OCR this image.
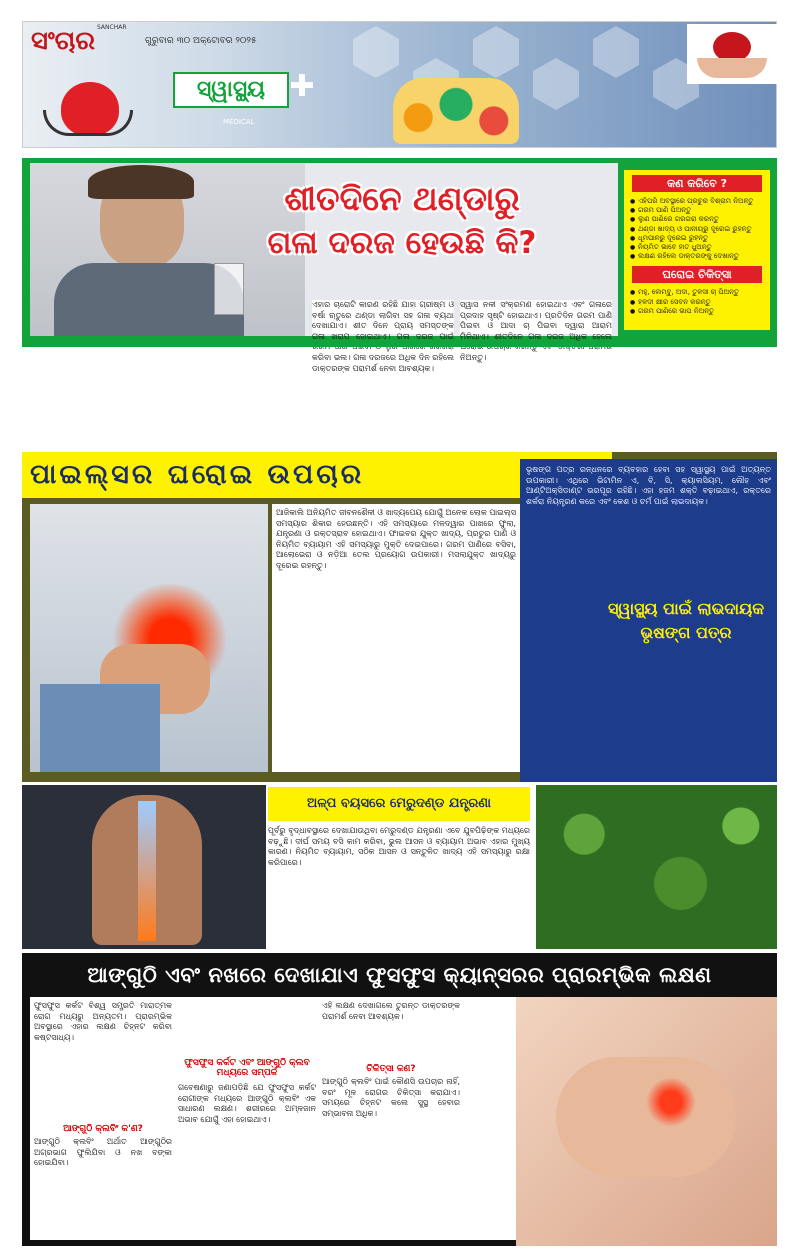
ସଂଚାର SANCHAR
ଗୁରୁବାର ୩୦ ଅକ୍ଟୋବର ୨୦୨୫
ସ୍ୱାସ୍ଥ୍ୟ ✚
MEDICAL
ଶୀତଦିନେ ଥଣ୍ଡାରୁ
ଗଳା ଦରଜ ହେଉଛି କି?
ଏହାର ଚାରୋଟି କାରଣ ରହିଛି ଯାହା ଗ୍ରୀଷ୍ମ ଓ ବର୍ଷା ଋତୁରେ ଥଣ୍ଡା ଲାଗିବା ସହ ଗଳା ବ୍ୟଥା ଦେଖାଯାଏ। ଶୀତ ଦିନେ ପ୍ରାୟ ସମସ୍ତଙ୍କ ଗଳା ଖରାପ ହୋଇଥାଏ। ଗଳା ଦରଜ ପାଇଁ କରିବା ଭଲ। ଗଳା ଦରଜରେ ଅଧିକ ଦିନ ରହିଲେ ଡାକ୍ତରଙ୍କ ପରାମର୍ଶ ନେବା ଆବଶ୍ୟକ।
ସ୍ୱାସ ନଳୀ ସଂକ୍ରମଣ ହୋଇଥାଏ ଏବଂ ଗଳାରେ ପ୍ରଦାହ ସୃଷ୍ଟି ହୋଇଥାଏ। ପ୍ରତିଦିନ ଗରମ ପାଣି ପିଇବା ଓ ଆଦା ଚା ପିଇବା ଦ୍ୱାରା ଆରାମ ମିଳିଥାଏ। ଶୀତଦିନେ ଗଳା ଦରଜ ଅଧିକ ହେଲେ ନିଅନ୍ତୁ।
କଣ କରିବେ ?
● ଏହିପରି ଅବସ୍ଥାରେ ପ୍ରଚୁର ବିଶ୍ରାମ ନିଅନ୍ତୁ
● ଗରମ ପାଣି ପିଅନ୍ତୁ
● ଲୁଣ ପାଣିରେ ଗରଗରା କରନ୍ତୁ
● ଥଣ୍ଡା ଖାଦ୍ୟ ଓ ପାନୀୟରୁ ଦୂରେଇ ରୁହନ୍ତୁ
● ଧୂମପାନରୁ ଦୂରେଇ ରୁହନ୍ତୁ
● ନିୟମିତ ଭାବେ ହାତ ଧୁଅନ୍ତୁ
● ଲକ୍ଷଣ ରହିଲେ ଡାକ୍ତରଙ୍କୁ ଦେଖାନ୍ତୁ
ଘରୋଇ ଚିକିତ୍ସା
● ମହୁ, ଲେମ୍ବୁ, ଅଦା, ତୁଳସୀ ଚା ପିଅନ୍ତୁ
● ହଳଦୀ କ୍ଷୀର ସେବନ କରନ୍ତୁ
● ଗରମ ପାଣିରେ ଭାପ ନିଅନ୍ତୁ
ପାଇଲ୍ସର ଘରୋଇ ଉପଚାର
ଆଜିକାଲି ଅନିୟମିତ ଜୀବନଶୈଳୀ ଓ ଖାଦ୍ୟପେୟ ଯୋଗୁଁ ଅନେକ ଲୋକ ପାଇଲ୍ସ ସମସ୍ୟାର ଶିକାର ହେଉଛନ୍ତି। ଏହି ସମସ୍ୟାରେ ମଳଦ୍ୱାର ପାଖରେ ଫୁଲା, ଯନ୍ତ୍ରଣା ଓ ରକ୍ତସ୍ରାବ ହୋଇଥାଏ। ଫାଇବର ଯୁକ୍ତ ଖାଦ୍ୟ, ପ୍ରଚୁର ପାଣି ଓ ନିୟମିତ ବ୍ୟାୟାମ ଏହି ସମସ୍ୟାରୁ ମୁକ୍ତି ଦେଇପାରେ। ଗରମ ପାଣିରେ ବସିବା, ଆଲୋଭେରା ଓ ନଡ଼ିଆ ତେଲ ପ୍ରୟୋଗ ଉପକାରୀ। ମସଲାଯୁକ୍ତ ଖାଦ୍ୟରୁ ଦୂରେଇ ରହନ୍ତୁ।
ଭୃଷଙ୍ଗ ପତ୍ର ରନ୍ଧନରେ ବ୍ୟବହାର ହେବା ସହ ସ୍ୱାସ୍ଥ୍ୟ ପାଇଁ ଅତ୍ୟନ୍ତ ଉପକାରୀ। ଏଥିରେ ଭିଟାମିନ ଏ, ବି, ସି, କ୍ୟାଲସିୟମ, ଲୌହ ଏବଂ ଆଣ୍ଟିଅକ୍ସିଡାଣ୍ଟ ଭରପୂର ରହିଛି। ଏହା ହଜମ ଶକ୍ତି ବଢ଼ାଇଥାଏ, ରକ୍ତରେ ଶର୍କରା ନିୟନ୍ତ୍ରଣ କରେ ଏବଂ କେଶ ଓ ଚର୍ମ ପାଇଁ ଲାଭଦାୟକ।
ସ୍ୱାସ୍ଥ୍ୟ ପାଇଁ ଲାଭଦାୟକ ଭୃଷଙ୍ଗ ପତ୍ର
ଅଳ୍ପ ବୟସରେ ମେରୁଦଣ୍ଡ ଯନ୍ତ୍ରଣା
ପୂର୍ବରୁ ବୃଦ୍ଧାବସ୍ଥାରେ ଦେଖାଯାଉଥିବା ମେରୁଦଣ୍ଡ ଯନ୍ତ୍ରଣା ଏବେ ଯୁବପିଢ଼ିଙ୍କ ମଧ୍ୟରେ ବଢ଼ୁଛି। ଦୀର୍ଘ ସମୟ ବସି କାମ କରିବା, ଭୁଲ ଆସନ ଓ ବ୍ୟାୟାମ ଅଭାବ ଏହାର ମୁଖ୍ୟ କାରଣ। ନିୟମିତ ବ୍ୟାୟାମ, ସଠିକ ଆସନ ଓ ସନ୍ତୁଳିତ ଖାଦ୍ୟ ଏହି ସମସ୍ୟାରୁ ରକ୍ଷା କରିପାରେ।
ଆଙ୍ଗୁଠି ଏବଂ ନଖରେ ଦେଖାଯାଏ ଫୁସଫୁସ କ୍ୟାନ୍ସରର ପ୍ରାରମ୍ଭିକ ଲକ୍ଷଣ
ଫୁସଫୁସ କର୍କଟ ବିଶ୍ୱ ସମ୍ପ୍ରତି ମାରାତ୍ମକ ରୋଗ ମଧ୍ୟରୁ ଅନ୍ୟତମ। ପ୍ରାରମ୍ଭିକ ଅବସ୍ଥାରେ ଏହାର ଲକ୍ଷଣ ଚିହ୍ନଟ କରିବା କଷ୍ଟସାଧ୍ୟ।
ଆଙ୍ଗୁଠି କ୍ଲବିଂ କ'ଣ?
ଆଙ୍ଗୁଠି କ୍ଲବିଂ ଅର୍ଥାତ ଆଙ୍ଗୁଠିର ଅଗ୍ରଭାଗ ଫୁଲିଯିବା ଓ ନଖ ବଙ୍କା ହୋଇଯିବା।
ଫୁସଫୁସ କର୍କଟ ଏବଂ ଆଙ୍ଗୁଠି କ୍ଲବ ମଧ୍ୟରେ ସମ୍ପର୍କ
ଗବେଷଣାରୁ ଜଣାପଡ଼ିଛି ଯେ ଫୁସଫୁସ କର୍କଟ ରୋଗୀଙ୍କ ମଧ୍ୟରେ ଆଙ୍ଗୁଠି କ୍ଲବିଂ ଏକ ସାଧାରଣ ଲକ୍ଷଣ। ଶରୀରରେ ଅମ୍ଳଜାନ ଅଭାବ ଯୋଗୁଁ ଏହା ହୋଇଥାଏ।
ଏହି ଲକ୍ଷଣ ଦେଖାଗଲେ ତୁରନ୍ତ ଡାକ୍ତରଙ୍କ ପରାମର୍ଶ ନେବା ଆବଶ୍ୟକ।
ଚିକିତ୍ସା କଣ?
ଆଙ୍ଗୁଠି କ୍ଲବିଂ ପାଇଁ କୌଣସି ଉପଚାର ନାହିଁ, ବରଂ ମୂଳ ରୋଗର ଚିକିତ୍ସା କରାଯାଏ। ସମୟରେ ଚିହ୍ନଟ କଲେ ସୁସ୍ଥ ହେବାର ସମ୍ଭାବନା ଅଧିକ।
